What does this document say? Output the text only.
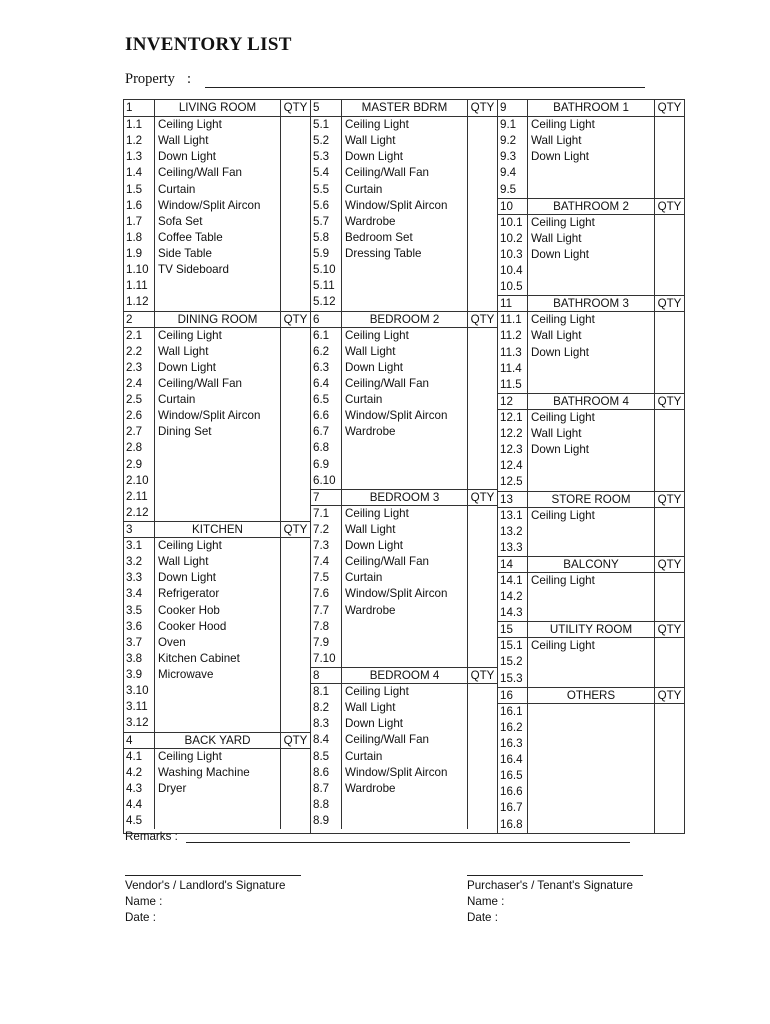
INVENTORY LIST
Property :
1	LIVING ROOM	QTY
1.1	Ceiling Light
1.2	Wall Light
1.3	Down Light
1.4	Ceiling/Wall Fan
1.5	Curtain
1.6	Window/Split Aircon
1.7	Sofa Set
1.8	Coffee Table
1.9	Side Table
1.10 TV Sideboard
1.11
1.12
2	DINING ROOM	QTY
2.1	Ceiling Light
2.2	Wall Light
2.3	Down Light
2.4	Ceiling/Wall Fan
2.5	Curtain
2.6	Window/Split Aircon
2.7	Dining Set
2.8
2.9
2.10
2.11
2.12
3	KITCHEN	QTY
3.1	Ceiling Light
3.2	Wall Light
3.3	Down Light
3.4	Refrigerator
3.5	Cooker Hob
3.6	Cooker Hood
3.7	Oven
3.8	Kitchen Cabinet
3.9	Microwave
3.10
3.11
3.12
4	BACK YARD	QTY
4.1	Ceiling Light
4.2	Washing Machine
4.3	Dryer
4.4
4.5
5	MASTER BDRM	QTY
5.1	Ceiling Light
5.2	Wall Light
5.3	Down Light
5.4	Ceiling/Wall Fan
5.5	Curtain
5.6	Window/Split Aircon
5.7	Wardrobe
5.8	Bedroom Set
5.9	Dressing Table
5.10
5.11
5.12
6	BEDROOM 2	QTY
6.1	Ceiling Light
6.2	Wall Light
6.3	Down Light
6.4	Ceiling/Wall Fan
6.5	Curtain
6.6	Window/Split Aircon
6.7	Wardrobe
6.8
6.9
6.10
7	BEDROOM 3	QTY
7.1	Ceiling Light
7.2	Wall Light
7.3	Down Light
7.4	Ceiling/Wall Fan
7.5	Curtain
7.6	Window/Split Aircon
7.7	Wardrobe
7.8
7.9
7.10
8	BEDROOM 4	QTY
8.1	Ceiling Light
8.2	Wall Light
8.3	Down Light
8.4	Ceiling/Wall Fan
8.5	Curtain
8.6	Window/Split Aircon
8.7	Wardrobe
8.8
8.9
9	BATHROOM 1	QTY
9.1	Ceiling Light
9.2	Wall Light
9.3	Down Light
9.4
9.5
10	BATHROOM 2	QTY
10.1 Ceiling Light
10.2 Wall Light
10.3 Down Light
10.4
10.5
11	BATHROOM 3	QTY
11.1 Ceiling Light
11.2 Wall Light
11.3 Down Light
11.4
11.5
12	BATHROOM 4	QTY
12.1 Ceiling Light
12.2 Wall Light
12.3 Down Light
12.4
12.5
13	STORE ROOM	QTY
13.1 Ceiling Light
13.2
13.3
14	BALCONY	QTY
14.1 Ceiling Light
14.2
14.3
15	UTILITY ROOM	QTY
15.1 Ceiling Light
15.2
15.3
16	OTHERS	QTY
16.1
16.2
16.3
16.4
16.5
16.6
16.7
16.8
Remarks :
Vendor's / Landlord's Signature
Name :
Date :
Purchaser's / Tenant's Signature
Name :
Date :
